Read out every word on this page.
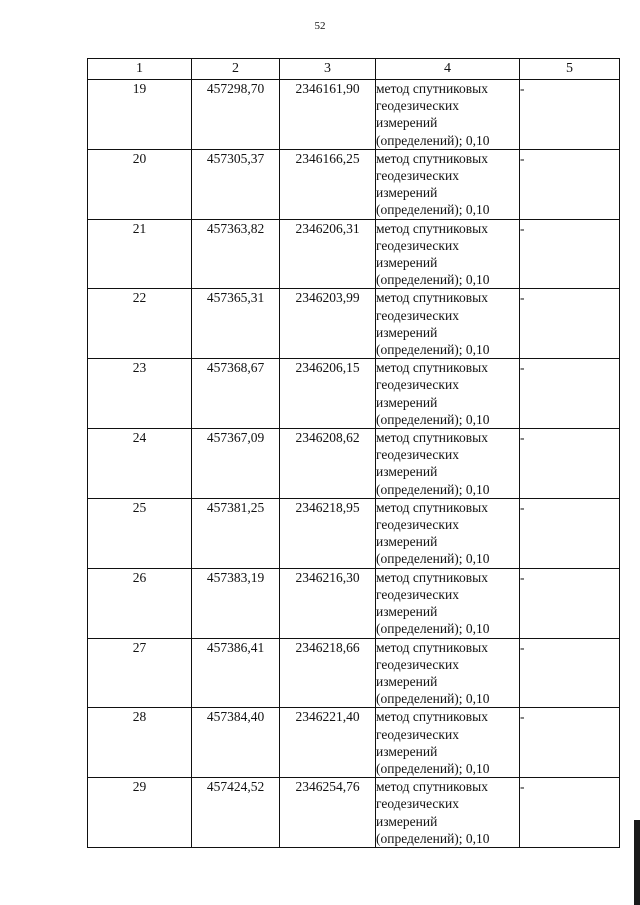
52
1	2	3	4	5
19	457298,70	2346161,90	метод спутниковых геодезических измерений (определений); 0,10	-
20	457305,37	2346166,25	метод спутниковых геодезических измерений (определений); 0,10	-
21	457363,82	2346206,31	метод спутниковых геодезических измерений (определений); 0,10	-
22	457365,31	2346203,99	метод спутниковых геодезических измерений (определений); 0,10	-
23	457368,67	2346206,15	метод спутниковых геодезических измерений (определений); 0,10	-
24	457367,09	2346208,62	метод спутниковых геодезических измерений (определений); 0,10	-
25	457381,25	2346218,95	метод спутниковых геодезических измерений (определений); 0,10	-
26	457383,19	2346216,30	метод спутниковых геодезических измерений (определений); 0,10	-
27	457386,41	2346218,66	метод спутниковых геодезических измерений (определений); 0,10	-
28	457384,40	2346221,40	метод спутниковых геодезических измерений (определений); 0,10	-
29	457424,52	2346254,76	метод спутниковых геодезических измерений (определений); 0,10	-
